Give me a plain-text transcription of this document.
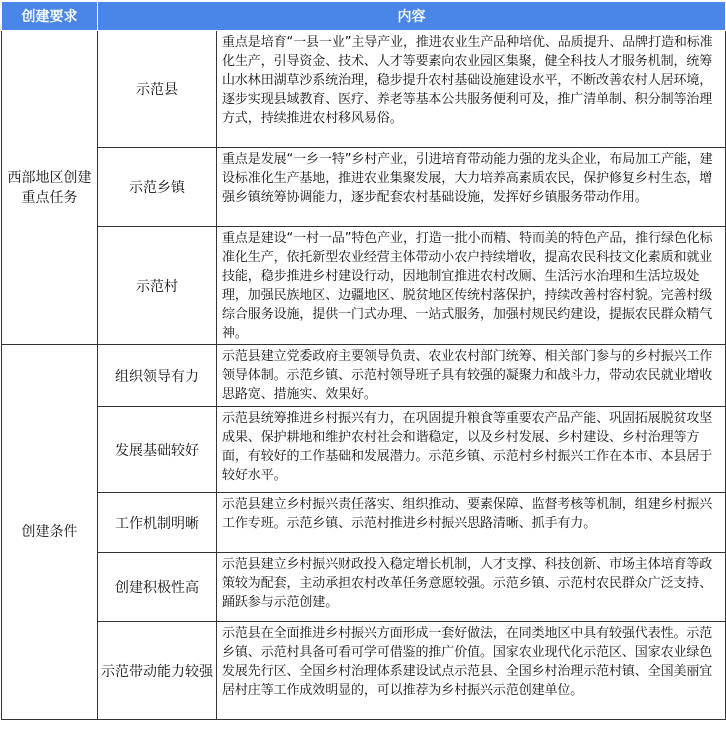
创建要求	内容	
西部地区创建重点任务	示范县	重点是培育“一县一业”主导产业，推进农业生产品种培优、品质提升、品牌打造和标准化生产，引导资金、技术、人才等要素向农业园区集聚，健全科技人才服务机制，统筹山水林田湖草沙系统治理，稳步提升农村基础设施建设水平，不断改善农村人居环境，逐步实现县域教育、医疗、养老等基本公共服务便利可及，推广清单制、积分制等治理方式，持续推进农村移风易俗。

	示范乡镇	重点是发展“一乡一特”乡村产业，引进培育带动能力强的龙头企业，布局加工产能，建设标准化生产基地，推进农业集聚发展，大力培养高素质农民，保护修复乡村生态，增强乡镇统筹协调能力，逐步配套农村基础设施，发挥好乡镇服务带动作用。

	示范村	重点是建设“一村一品”特色产业，打造一批小而精、特而美的特色产品，推行绿色化标准化生产，依托新型农业经营主体带动小农户持续增收，提高农民科技文化素质和就业技能，稳步推进乡村建设行动，因地制宜推进农村改厕、生活污水治理和生活垃圾处理，加强民族地区、边疆地区、脱贫地区传统村落保护，持续改善村容村貌。完善村级综合服务设施，提供一门式办理、一站式服务，加强村规民约建设，提振农民群众精气神。

创建条件	组织领导有力	示范县建立党委政府主要领导负责、农业农村部门统筹、相关部门参与的乡村振兴工作领导体制。示范乡镇、示范村领导班子具有较强的凝聚力和战斗力，带动农民就业增收思路宽、措施实、效果好。

	发展基础较好	示范县统筹推进乡村振兴有力，在巩固提升粮食等重要农产品产能、巩固拓展脱贫攻坚成果、保护耕地和维护农村社会和谐稳定，以及乡村发展、乡村建设、乡村治理等方面，有较好的工作基础和发展潜力。示范乡镇、示范村乡村振兴工作在本市、本县居于较好水平。

	工作机制明晰	示范县建立乡村振兴责任落实、组织推动、要素保障、监督考核等机制，组建乡村振兴工作专班。示范乡镇、示范村推进乡村振兴思路清晰、抓手有力。

	创建积极性高	示范县建立乡村振兴财政投入稳定增长机制，人才支撑、科技创新、市场主体培育等政策较为配套，主动承担农村改革任务意愿较强。示范乡镇、示范村农民群众广泛支持、踊跃参与示范创建。

	示范带动能力较强	示范县在全面推进乡村振兴方面形成一套好做法，在同类地区中具有较强代表性。示范乡镇、示范村具备可看可学可借鉴的推广价值。国家农业现代化示范区、国家农业绿色发展先行区、全国乡村治理体系建设试点示范县、全国乡村治理示范村镇、全国美丽宜居村庄等工作成效明显的，可以推荐为乡村振兴示范创建单位。
